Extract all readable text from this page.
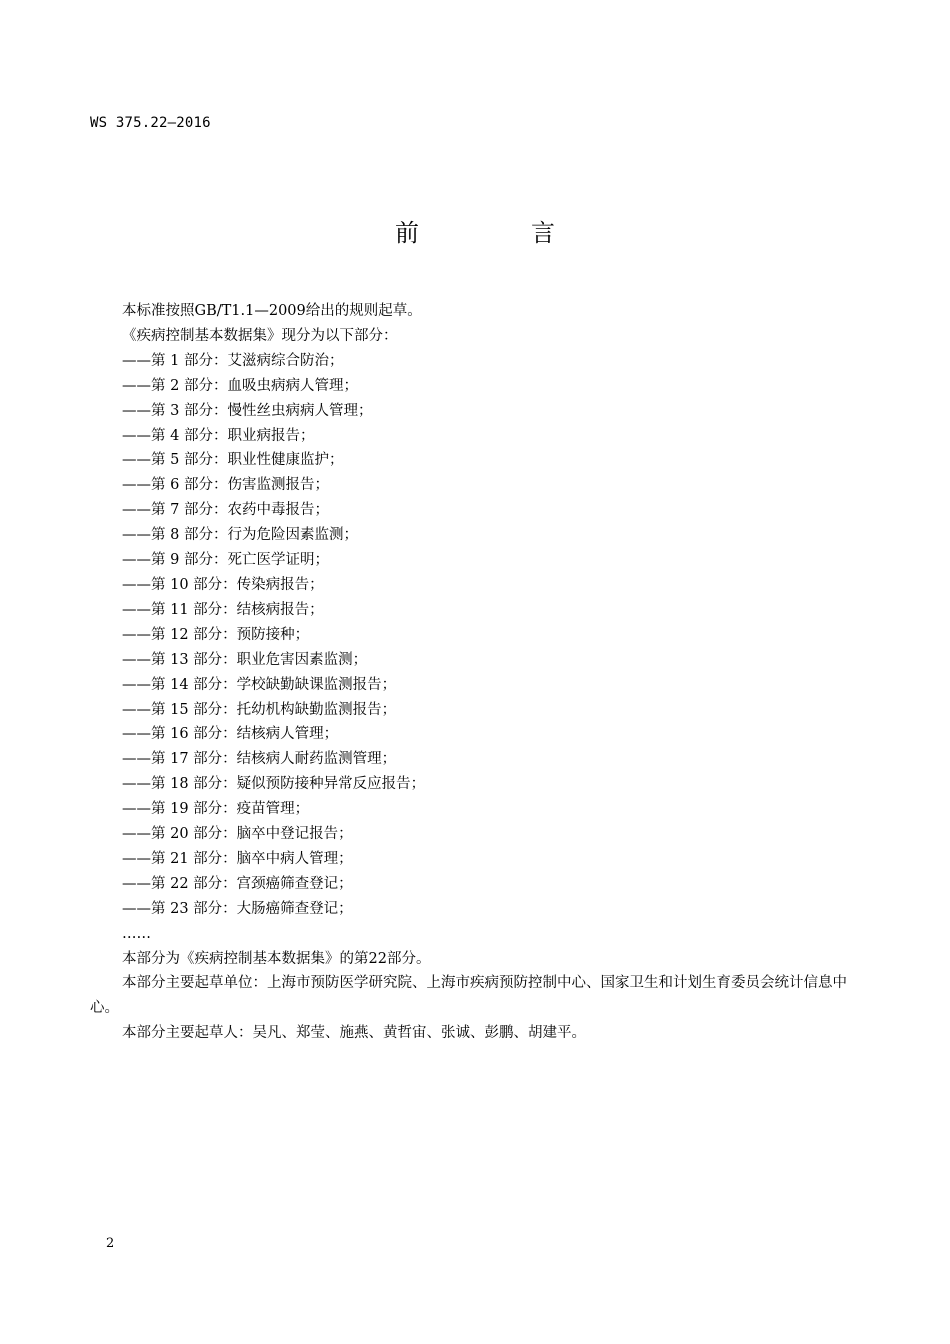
WS 375.22—2016
前　言

本标准按照GB/T1.1—2009给出的规则起草。

《疾病控制基本数据集》现分为以下部分：

——第 1 部分：艾滋病综合防治；

——第 2 部分：血吸虫病病人管理；

——第 3 部分：慢性丝虫病病人管理；

——第 4 部分：职业病报告；

——第 5 部分：职业性健康监护；

——第 6 部分：伤害监测报告；

——第 7 部分：农药中毒报告；

——第 8 部分：行为危险因素监测；

——第 9 部分：死亡医学证明；

——第 10 部分：传染病报告；

——第 11 部分：结核病报告；

——第 12 部分：预防接种；

——第 13 部分：职业危害因素监测；

——第 14 部分：学校缺勤缺课监测报告；

——第 15 部分：托幼机构缺勤监测报告；

——第 16 部分：结核病人管理；

——第 17 部分：结核病人耐药监测管理；

——第 18 部分：疑似预防接种异常反应报告；

——第 19 部分：疫苗管理；

——第 20 部分：脑卒中登记报告；

——第 21 部分：脑卒中病人管理；

——第 22 部分：宫颈癌筛查登记；

——第 23 部分：大肠癌筛查登记；

……

本部分为《疾病控制基本数据集》的第22部分。

本部分主要起草单位：上海市预防医学研究院、上海市疾病预防控制中心、国家卫生和计划生育委员会统计信息中心。

本部分主要起草人：吴凡、郑莹、施燕、黄哲宙、张诚、彭鹏、胡建平。

2
